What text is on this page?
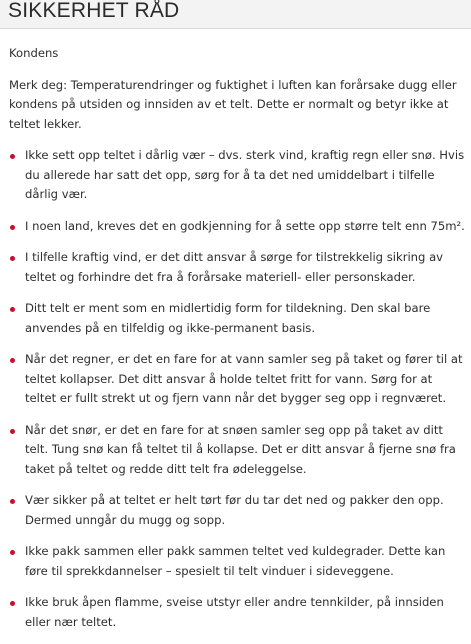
SIKKERHET RÅD

Kondens

Merk deg: Temperaturendringer og fuktighet i luften kan forårsake dugg eller kondens på utsiden og innsiden av et telt. Dette er normalt og betyr ikke at teltet lekker.

Ikke sett opp teltet i dårlig vær – dvs. sterk vind, kraftig regn eller snø. Hvis du allerede har satt det opp, sørg for å ta det ned umiddelbart i tilfelle dårlig vær.
I noen land, kreves det en godkjenning for å sette opp større telt enn 75m².
I tilfelle kraftig vind, er det ditt ansvar å sørge for tilstrekkelig sikring av teltet og forhindre det fra å forårsake materiell- eller personskader.
Ditt telt er ment som en midlertidig form for tildekning. Den skal bare anvendes på en tilfeldig og ikke-permanent basis.
Når det regner, er det en fare for at vann samler seg på taket og fører til at teltet kollapser. Det ditt ansvar å holde teltet fritt for vann. Sørg for at teltet er fullt strekt ut og fjern vann når det bygger seg opp i regnværet.
Når det snør, er det en fare for at snøen samler seg opp på taket av ditt telt. Tung snø kan få teltet til å kollapse. Det er ditt ansvar å fjerne snø fra taket på teltet og redde ditt telt fra ødeleggelse.
Vær sikker på at teltet er helt tørt før du tar det ned og pakker den opp. Dermed unngår du mugg og sopp.
Ikke pakk sammen eller pakk sammen teltet ved kuldegrader. Dette kan føre til sprekkdannelser – spesielt til telt vinduer i sideveggene.
Ikke bruk åpen flamme, sveise utstyr eller andre tennkilder, på innsiden eller nær teltet.
